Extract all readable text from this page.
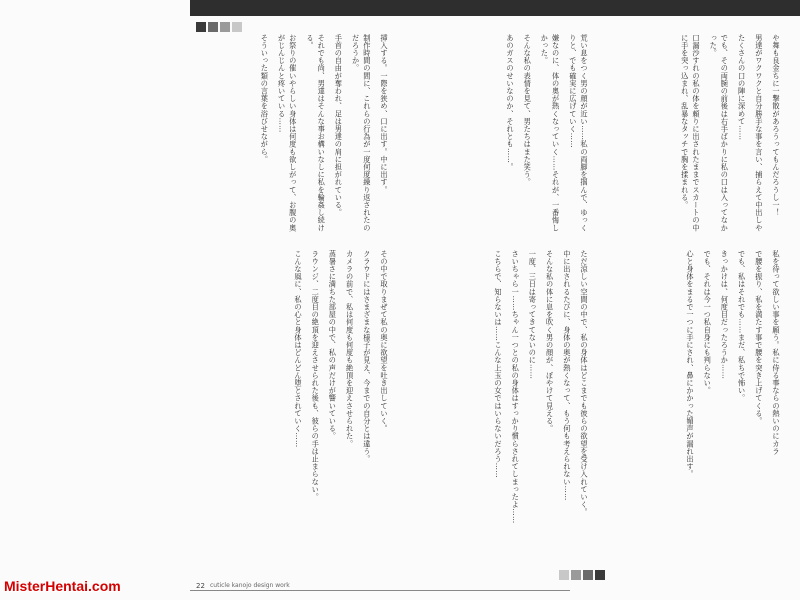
や舞も良金ちに一撃散があろうってもんだろうし一！
男達がワクワクと自分勝手な事を言い、捕らえて中出しや
たくさんの口の陣に深めて……
でも、その両腕の前後は右手ばかりに私の口は入ってなかった。
口漏沙すれの私の体を頼りに出されたままでスカートの中に手を突っ込まれ、乱暴なタッチで胸を揉まれる。
荒い息をつく男の顔が近い……私の両脚を掴んで、ゆっくりと、でも確実に広げていく……
嫌なのに、体の奥が熱くなっていく……それが、一番悔しかった。
そんな私の表情を見て、男たちはまた笑う。
あのガスのせいなのか、それとも……。
挿入する。一際を狭め、口に出す。中に出す。
制作時間の間に、これらの行為が一度何度繰り返されたのだろうか。
手首の自由が奪われ、足は男達の肩に担がれている。
それでも尚、男達はそんな事お構いなしに私を輪姦し続ける。
お祭りの催いやらしい身体は何度も欲しがって、お腹の奥がじんじんと疼いている……
そういった類の言葉を浴びせながら。
私を待って欲しい事を願う。私に侍る事ならの熱いのにカラ
で腰を振り、私を満たす事で腰を突き上げてくる。
でも、私はそれでも……まだ、私ちで怖い。
きっかけは、何度目だったろうか……
でも、それは今一つ私自身にも判らない。
心と身体をまるで一つに手にされ、鼻にかかった媚声が漏れ出す。
ただ涼しい空間の中で、私の身体はどこまでも彼らの欲望を受け入れていく。
中に出されるたびに、身体の奥が熱くなって、もう何も考えられない……
そんな私の体に息を吹く男の顔が、ぼやけて見える。
一度、三日は寄ってきてないのに……
さいちゃら一……ちゃん一つとの私の身体はすっかり慣らされてしまったよ……
こちらで、知らないは……こんな上玉の女ではいらないだろう……
その中で取りまぜて私の奥に欲望を吐き出していく。
クラウドにはさまざまな様子が見え、今までの自分とは違う。
カメラの前で、私は何度も何度も絶頂を迎えさせられた。
蒸暑さに満ちた部屋の中で、私の声だけが響いている。
ラウンジ、二度目の絶頂を迎えさせられた後も、彼らの手は止まらない。
こんな風に、私の心と身体はどんどん堕とされていく……
22 cuticle kanojo design work
MisterHentai.com
